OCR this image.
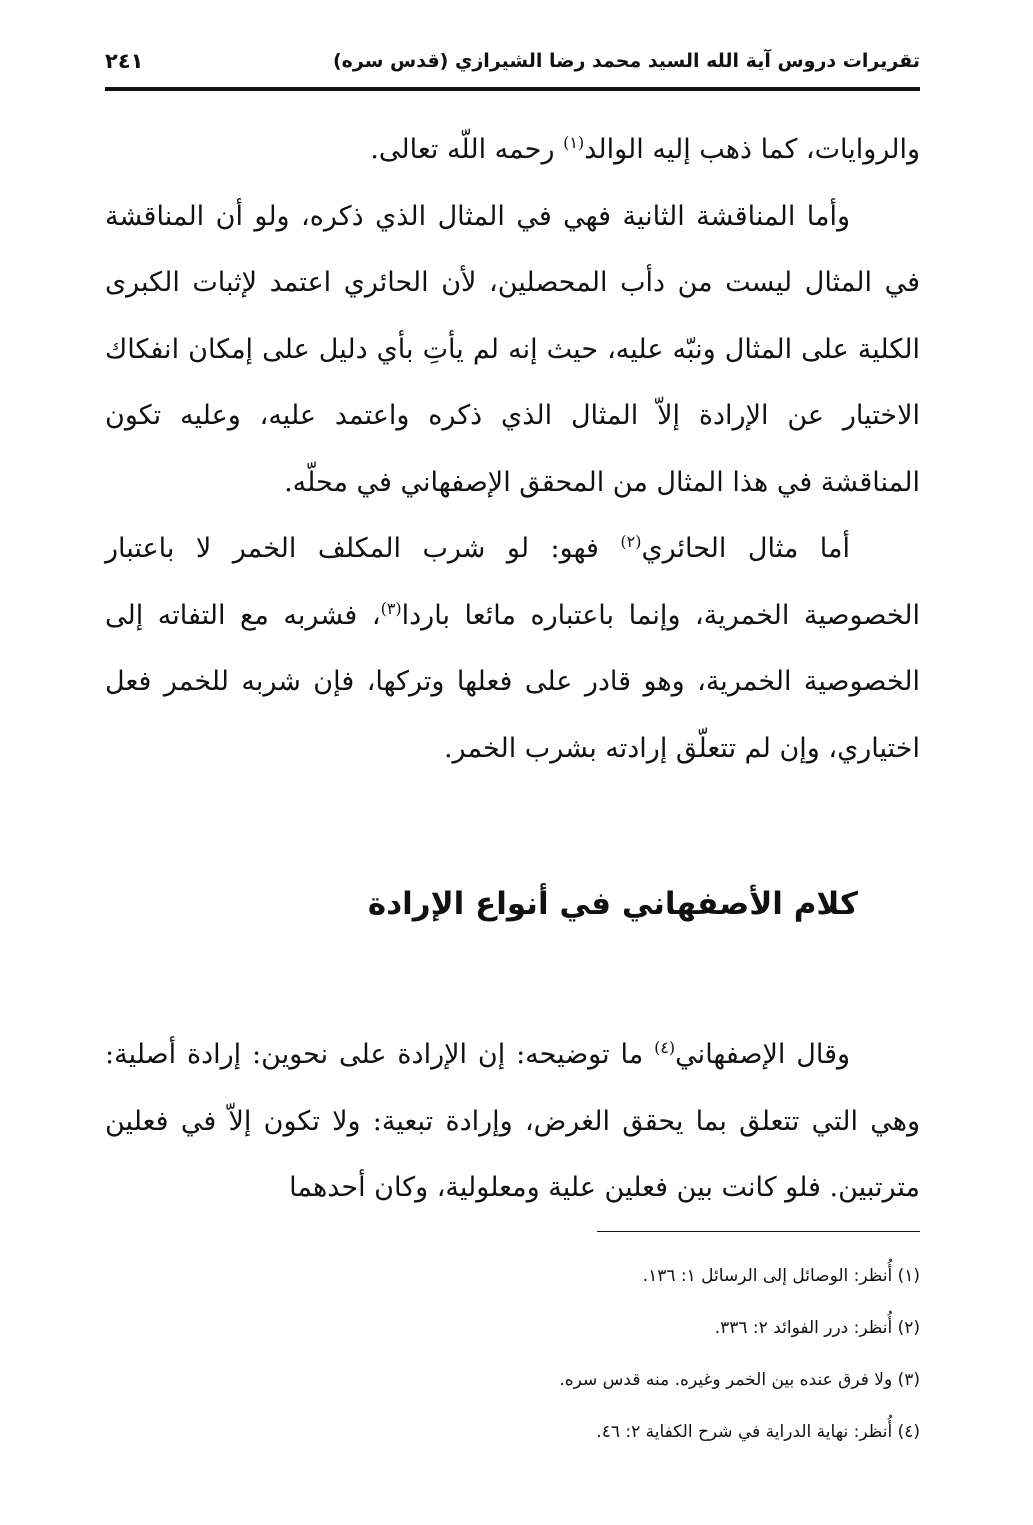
تقريرات دروس آية الله السيد محمد رضا الشيرازي (قدس سره)
٢٤١

والروايات، كما ذهب إليه الوالد$^{(١)}$ رحمه اللّه تعالى.

وأما المناقشة الثانية فهي في المثال الذي ذكره، ولو أن المناقشة في المثال ليست من دأب المحصلين، لأن الحائري اعتمد لإثبات الكبرى الكلية على المثال ونبّه عليه، حيث إنه لم يأتِ بأي دليل على إمكان انفكاك الاختيار عن الإرادة إلاّ المثال الذي ذكره واعتمد عليه، وعليه تكون المناقشة في هذا المثال من المحقق الإصفهاني في محلّه.

أما مثال الحائري$^{(٢)}$ فهو: لو شرب المكلف الخمر لا باعتبار الخصوصية الخمرية، وإنما باعتباره مائعا باردا$^{(٣)}$، فشربه مع التفاته إلى الخصوصية الخمرية، وهو قادر على فعلها وتركها، فإن شربه للخمر فعل اختياري، وإن لم تتعلّق إرادته بشرب الخمر.

كلام الأصفهاني في أنواع الإرادة

وقال الإصفهاني$^{(٤)}$ ما توضيحه: إن الإرادة على نحوين: إرادة أصلية: وهي التي تتعلق بما يحقق الغرض، وإرادة تبعية: ولا تكون إلاّ في فعلين مترتبين. فلو كانت بين فعلين علية ومعلولية، وكان أحدهما

(١) أُنظر: الوصائل إلى الرسائل ١: ١٣٦.

(٢) أُنظر: درر الفوائد ٢: ٣٣٦.

(٣) ولا فرق عنده بين الخمر وغيره. منه قدس سره.

(٤) أُنظر: نهاية الدراية في شرح الكفاية ٢: ٤٦.
